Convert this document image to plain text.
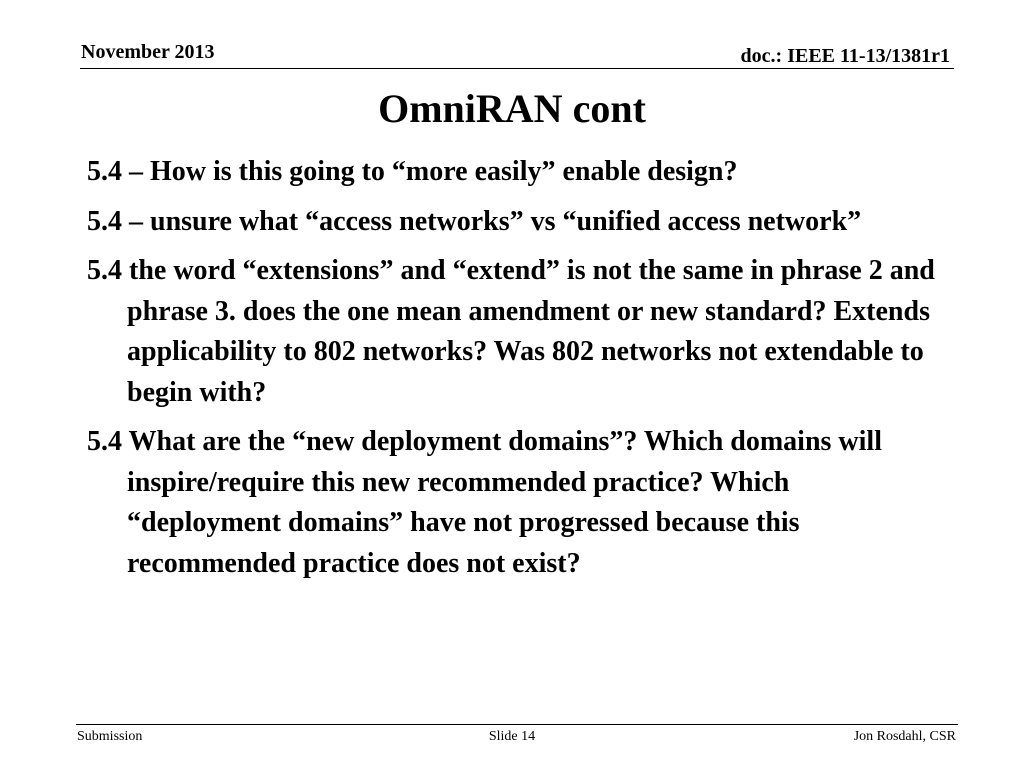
November 2013	doc.: IEEE 11-13/1381r1
OmniRAN cont
5.4 – How is this going to “more easily” enable design?
5.4 – unsure what “access networks” vs “unified access network”
5.4 the word “extensions” and “extend” is not the same in phrase 2 and phrase 3. does the one mean amendment or new standard? Extends applicability to 802 networks? Was 802 networks not extendable to begin with?
5.4 What are the “new deployment domains”? Which domains will inspire/require this new recommended practice? Which “deployment domains” have not progressed because this recommended practice does not exist?
Submission	Slide 14	Jon Rosdahl, CSR
